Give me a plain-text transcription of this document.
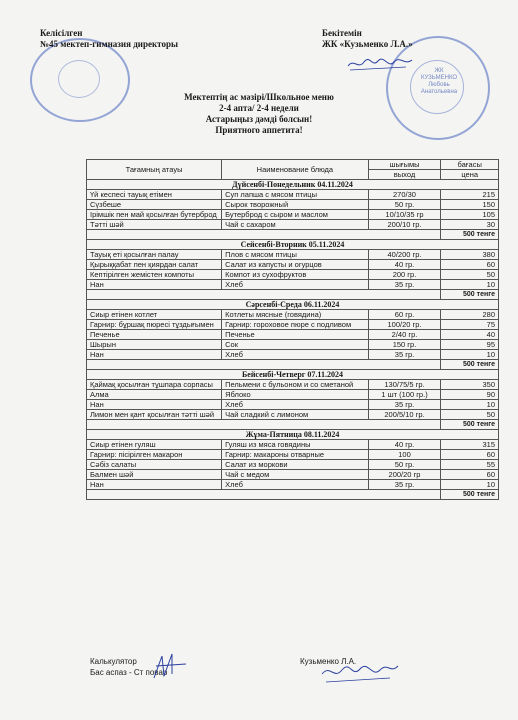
Келісілген
№45 мектеп-гимназия директоры
ЖК КУЗЬМЕНКО Любовь Анатольевна
Бекітемін
ЖК «Кузьменко Л.А.»
Мектептің ас мәзірі/Школьное меню
2-4 апта/ 2-4 недели
Астарыңыз дәмді болсын!
Приятного аппетита!
Тағамның атауы	Наименование блюда	шығымы	бағасы
		выход	цена
Дүйсенбі-Понедельник 04.11.2024			
Үй кеспесі тауық етімен	Суп лапша с мясом птицы	270/30	215
Сүзбеше	Сырок творожный	50 гр.	150
Ірімшік пен май қосылған бутерброд	Бутерброд с сыром и маслом	10/10/35 гр	105
Тәтті шәй	Чай с сахаром	200/10 гр.	30
			500 тенге
Сейсенбі-Вторник 05.11.2024			
Тауық еті қосылған палау	Плов с мясом птицы	40/200 гр.	380
Қырыққабат пен қиярдан салат	Салат из капусты и огурцов	40 гр.	60
Кептірілген жемістен компоты	Компот из сухофруктов	200 гр.	50
Нан	Хлеб	35 гр.	10
			500 тенге
Сәрсенбі-Среда 06.11.2024			
Сиыр етінен котлет	Котлеты мясные (говядина)	60 гр.	280
Гарнир: бұршақ пюресі тұздығымен	Гарнир: гороховое пюре с подливом	100/20 гр.	75
Печенье	Печенье	2/40 гр.	40
Шырын	Сок	150 гр.	95
Нан	Хлеб	35 гр.	10
			500 тенге
Бейсенбі-Четверг 07.11.2024			
Қаймақ қосылған тұшпара сорпасы	Пельмени с бульоном и со сметаной	130/75/5 гр.	350
Алма	Яблоко	1 шт (100 гр.)	90
Нан	Хлеб	35 гр.	10
Лимон мен қант қосылған тәтті шәй	Чай сладкий с лимоном	200/5/10 гр.	50
			500 тенге
Жұма-Пятница 08.11.2024			
Сиыр етінен гуляш	Гуляш из мяса говядины	40 гр.	315
Гарнир: пісірілген макарон	Гарнир: макароны отварные	100	60
Сәбіз салаты	Салат из моркови	50 гр.	55
Балмен шәй	Чай с медом	200/20 гр	60
Нан	Хлеб	35 гр.	10
			500 тенге
Калькулятор
Бас аспаз - Ст повар
Кузьменко Л.А.
